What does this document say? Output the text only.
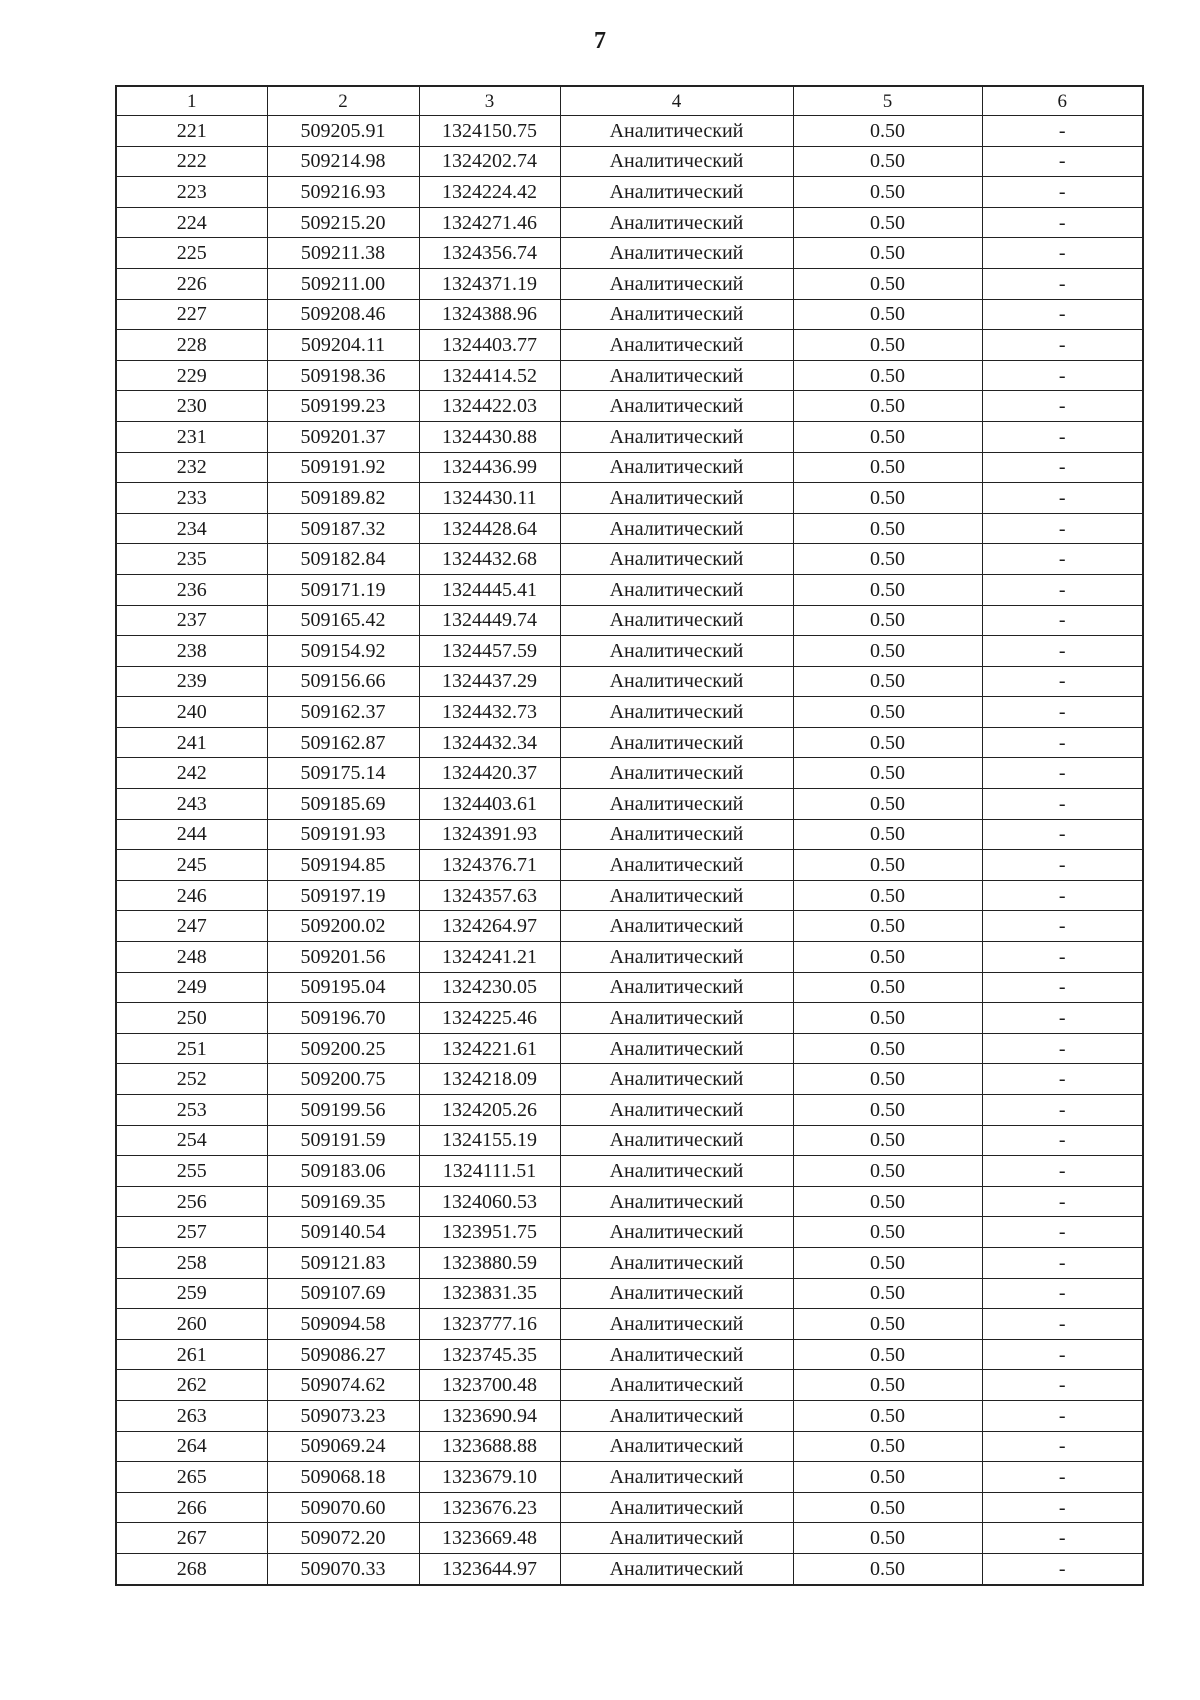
7
1	2	3	4	5	6
221	509205.91	1324150.75	Аналитический	0.50	-
222	509214.98	1324202.74	Аналитический	0.50	-
223	509216.93	1324224.42	Аналитический	0.50	-
224	509215.20	1324271.46	Аналитический	0.50	-
225	509211.38	1324356.74	Аналитический	0.50	-
226	509211.00	1324371.19	Аналитический	0.50	-
227	509208.46	1324388.96	Аналитический	0.50	-
228	509204.11	1324403.77	Аналитический	0.50	-
229	509198.36	1324414.52	Аналитический	0.50	-
230	509199.23	1324422.03	Аналитический	0.50	-
231	509201.37	1324430.88	Аналитический	0.50	-
232	509191.92	1324436.99	Аналитический	0.50	-
233	509189.82	1324430.11	Аналитический	0.50	-
234	509187.32	1324428.64	Аналитический	0.50	-
235	509182.84	1324432.68	Аналитический	0.50	-
236	509171.19	1324445.41	Аналитический	0.50	-
237	509165.42	1324449.74	Аналитический	0.50	-
238	509154.92	1324457.59	Аналитический	0.50	-
239	509156.66	1324437.29	Аналитический	0.50	-
240	509162.37	1324432.73	Аналитический	0.50	-
241	509162.87	1324432.34	Аналитический	0.50	-
242	509175.14	1324420.37	Аналитический	0.50	-
243	509185.69	1324403.61	Аналитический	0.50	-
244	509191.93	1324391.93	Аналитический	0.50	-
245	509194.85	1324376.71	Аналитический	0.50	-
246	509197.19	1324357.63	Аналитический	0.50	-
247	509200.02	1324264.97	Аналитический	0.50	-
248	509201.56	1324241.21	Аналитический	0.50	-
249	509195.04	1324230.05	Аналитический	0.50	-
250	509196.70	1324225.46	Аналитический	0.50	-
251	509200.25	1324221.61	Аналитический	0.50	-
252	509200.75	1324218.09	Аналитический	0.50	-
253	509199.56	1324205.26	Аналитический	0.50	-
254	509191.59	1324155.19	Аналитический	0.50	-
255	509183.06	1324111.51	Аналитический	0.50	-
256	509169.35	1324060.53	Аналитический	0.50	-
257	509140.54	1323951.75	Аналитический	0.50	-
258	509121.83	1323880.59	Аналитический	0.50	-
259	509107.69	1323831.35	Аналитический	0.50	-
260	509094.58	1323777.16	Аналитический	0.50	-
261	509086.27	1323745.35	Аналитический	0.50	-
262	509074.62	1323700.48	Аналитический	0.50	-
263	509073.23	1323690.94	Аналитический	0.50	-
264	509069.24	1323688.88	Аналитический	0.50	-
265	509068.18	1323679.10	Аналитический	0.50	-
266	509070.60	1323676.23	Аналитический	0.50	-
267	509072.20	1323669.48	Аналитический	0.50	-
268	509070.33	1323644.97	Аналитический	0.50	-
